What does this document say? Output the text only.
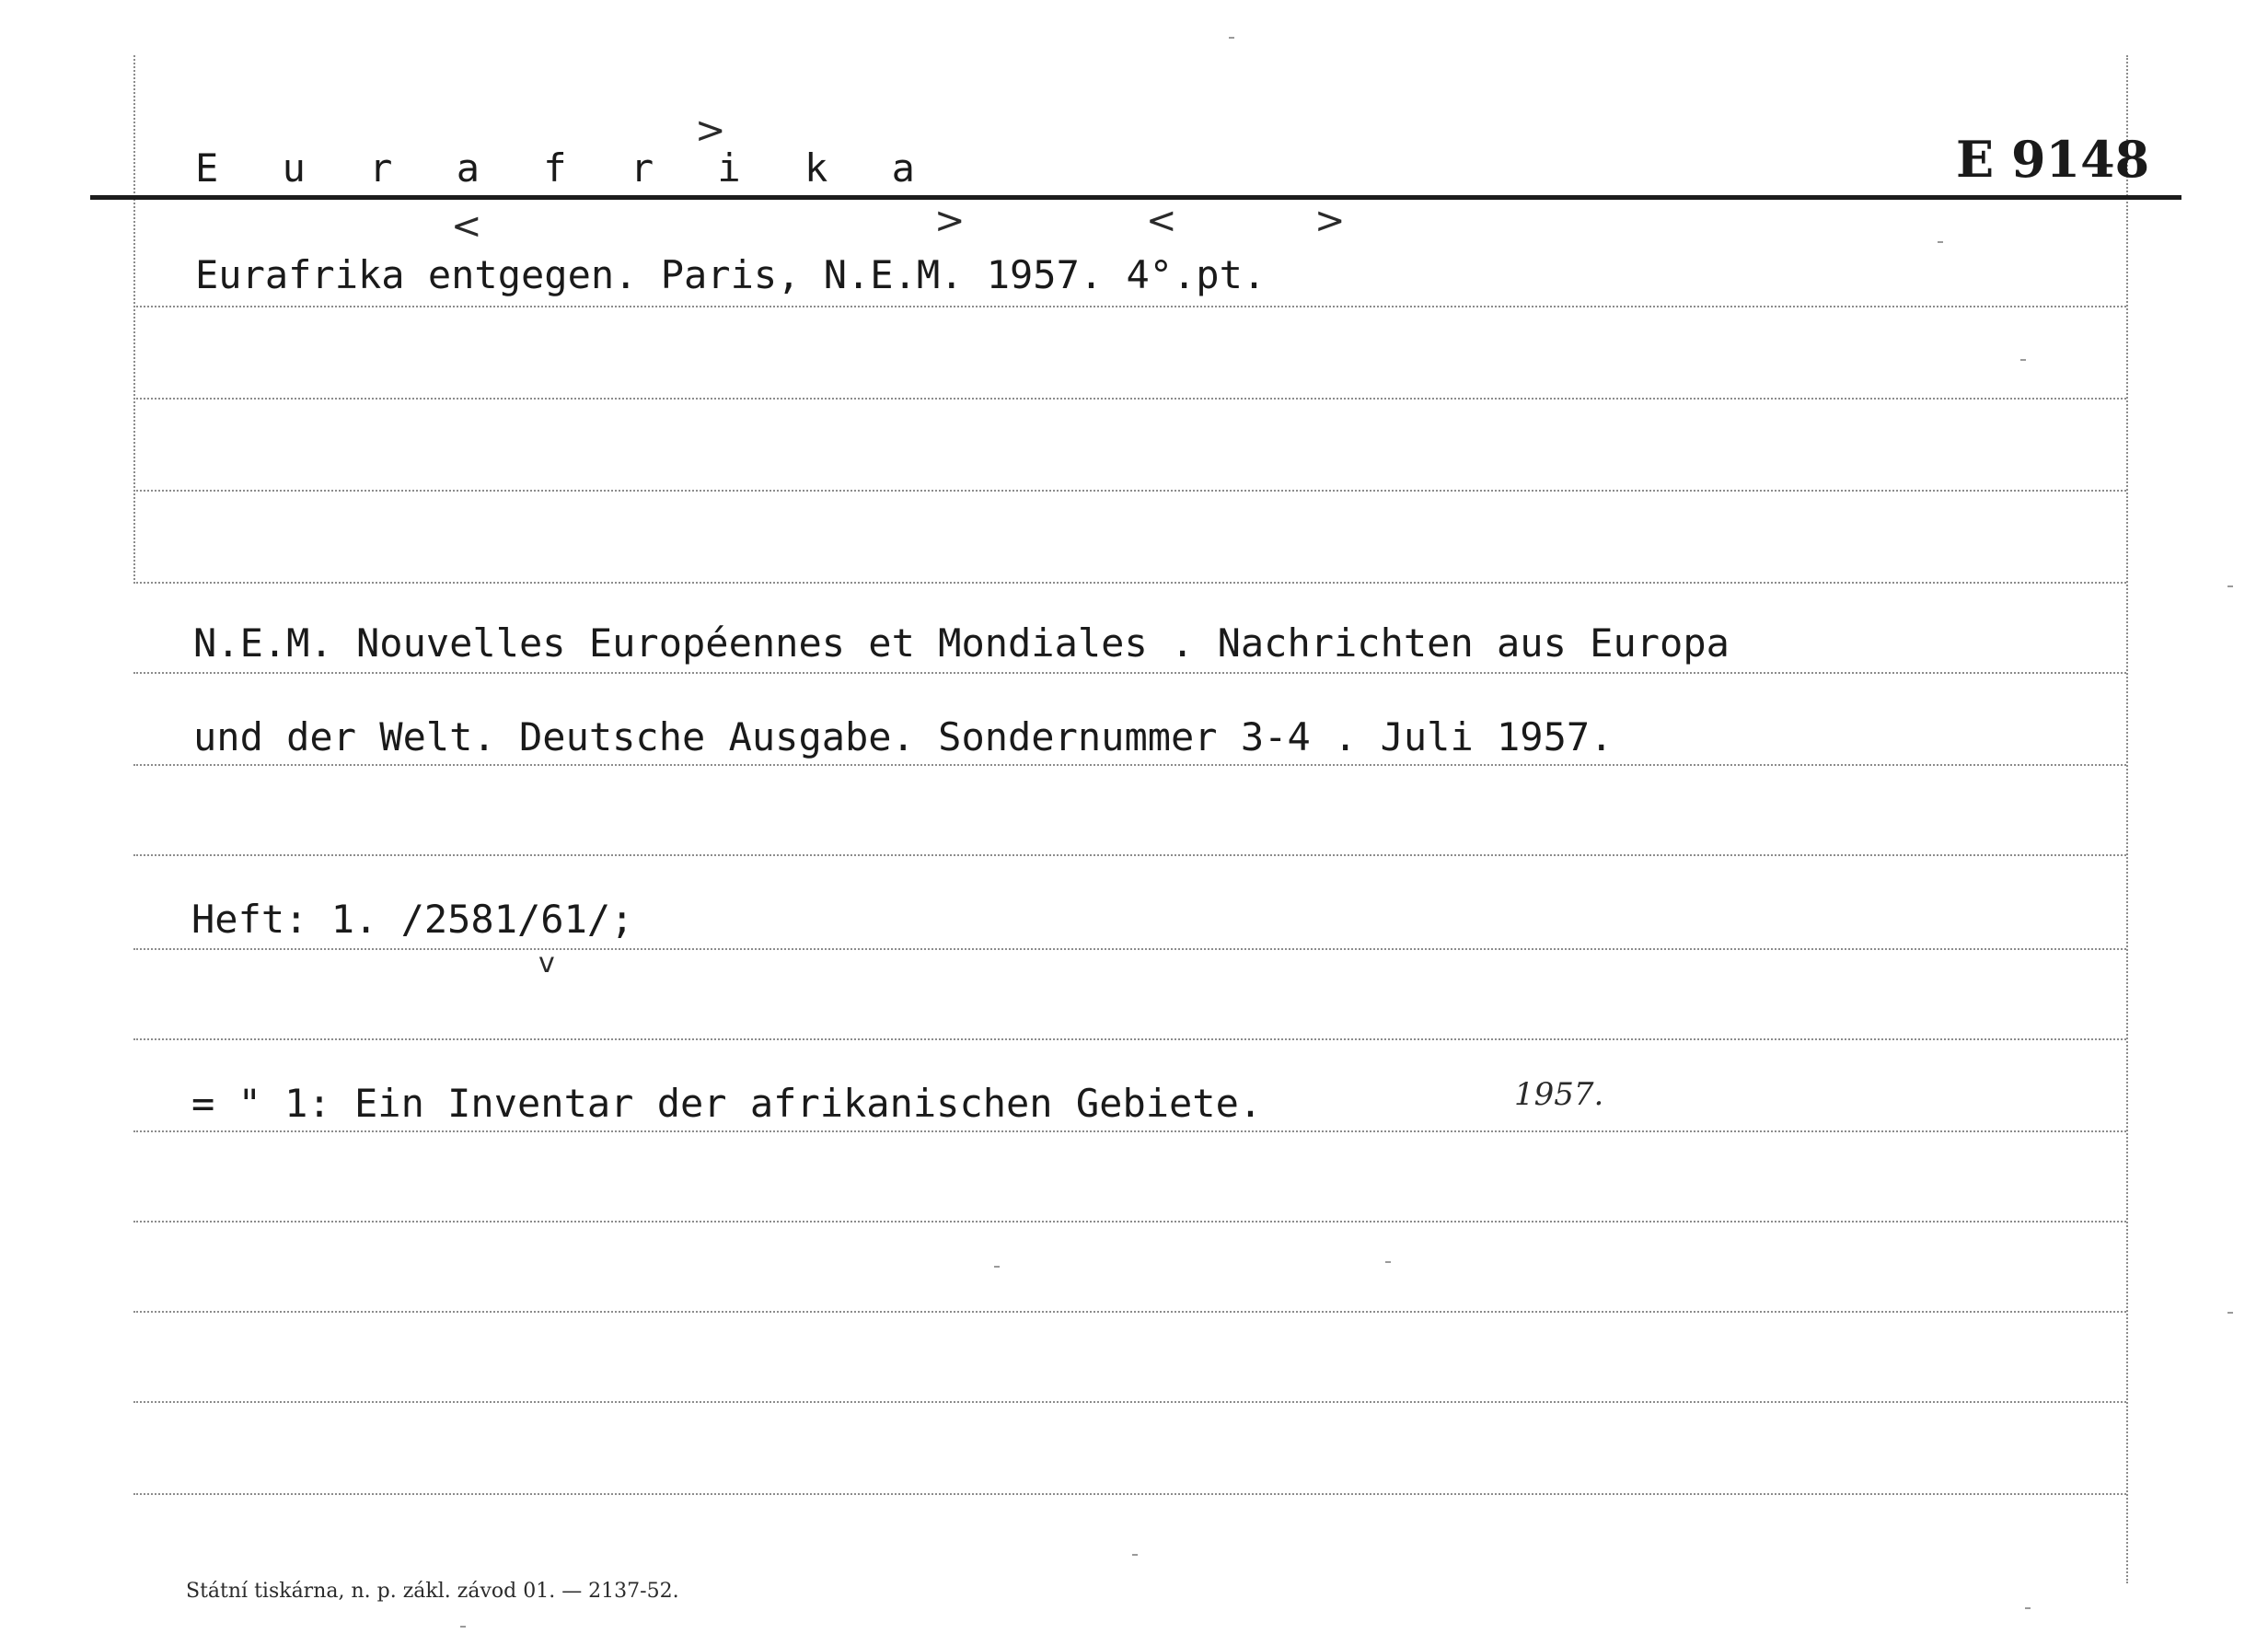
E u r a f r i k a
>	E 9148
<	>	<	>
Eurafrika entgegen. Paris, N.E.M. 1957. 4°.pt.
N.E.M. Nouvelles Européennes et Mondiales . Nachrichten aus Europa
und der Welt. Deutsche Ausgabe. Sondernummer 3-4 . Juli 1957.
Heft: 1. /2581/61/;
v
= " 1: Ein Inventar der afrikanischen Gebiete.	1957.
Státní tiskárna, n. p. zákl. závod 01. — 2137-52.
